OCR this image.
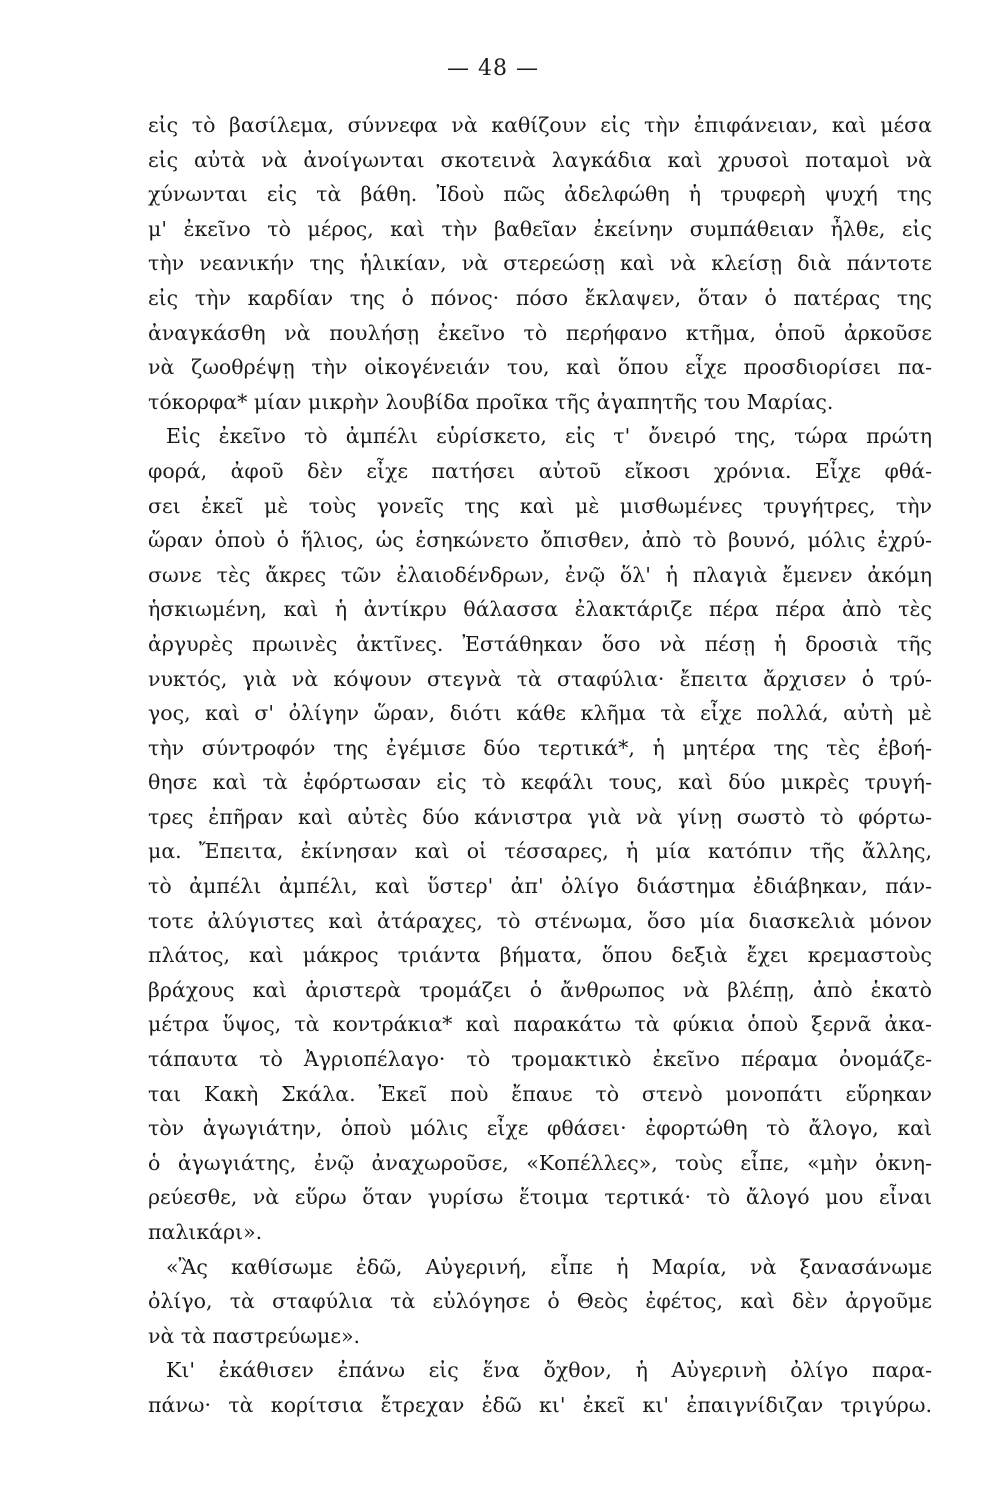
— 48 —
εἰς τὸ βασίλεμα, σύννεφα νὰ καθίζουν εἰς τὴν ἐπιφάνειαν, καὶ μέσα
εἰς αὐτὰ νὰ ἀνοίγωνται σκοτεινὰ λαγκάδια καὶ χρυσοὶ ποταμοὶ νὰ
χύνωνται εἰς τὰ βάθη. Ἰδοὺ πῶς ἀδελφώθη ἡ τρυφερὴ ψυχή της
μ' ἐκεῖνο τὸ μέρος, καὶ τὴν βαθεῖαν ἐκείνην συμπάθειαν ἦλθε, εἰς
τὴν νεανικήν της ἡλικίαν, νὰ στερεώσῃ καὶ νὰ κλείσῃ διὰ πάντοτε
εἰς τὴν καρδίαν της ὁ πόνος· πόσο ἔκλαψεν, ὅταν ὁ πατέρας της
ἀναγκάσθη νὰ πουλήσῃ ἐκεῖνο τὸ περήφανο κτῆμα, ὁποῦ ἀρκοῦσε
νὰ ζωοθρέψῃ τὴν οἰκογένειάν του, καὶ ὅπου εἶχε προσδιορίσει πα-
τόκορφα* μίαν μικρὴν λουβίδα προῖκα τῆς ἀγαπητῆς του Μαρίας.
Εἰς ἐκεῖνο τὸ ἀμπέλι εὑρίσκετο, εἰς τ' ὄνειρό της, τώρα πρώτη
φορά, ἀφοῦ δὲν εἶχε πατήσει αὐτοῦ εἴκοσι χρόνια. Εἶχε φθά-
σει ἐκεῖ μὲ τοὺς γονεῖς της καὶ μὲ μισθωμένες τρυγήτρες, τὴν
ὥραν ὁποὺ ὁ ἥλιος, ὡς ἐσηκώνετο ὄπισθεν, ἀπὸ τὸ βουνό, μόλις ἐχρύ-
σωνε τὲς ἄκρες τῶν ἐλαιοδένδρων, ἐνῷ ὅλ' ἡ πλαγιὰ ἔμενεν ἀκόμη
ἡσκιωμένη, καὶ ἡ ἀντίκρυ θάλασσα ἐλακτάριζε πέρα πέρα ἀπὸ τὲς
ἀργυρὲς πρωινὲς ἀκτῖνες. Ἐστάθηκαν ὅσο νὰ πέσῃ ἡ δροσιὰ τῆς
νυκτός, γιὰ νὰ κόψουν στεγνὰ τὰ σταφύλια· ἔπειτα ἄρχισεν ὁ τρύ-
γος, καὶ σ' ὀλίγην ὥραν, διότι κάθε κλῆμα τὰ εἶχε πολλά, αὐτὴ μὲ
τὴν σύντροφόν της ἐγέμισε δύο τερτικά*, ἡ μητέρα της τὲς ἐβοή-
θησε καὶ τὰ ἐφόρτωσαν εἰς τὸ κεφάλι τους, καὶ δύο μικρὲς τρυγή-
τρες ἐπῆραν καὶ αὐτὲς δύο κάνιστρα γιὰ νὰ γίνῃ σωστὸ τὸ φόρτω-
μα. Ἔπειτα, ἐκίνησαν καὶ οἱ τέσσαρες, ἡ μία κατόπιν τῆς ἄλλης,
τὸ ἀμπέλι ἀμπέλι, καὶ ὕστερ' ἀπ' ὀλίγο διάστημα ἐδιάβηκαν, πάν-
τοτε ἀλύγιστες καὶ ἀτάραχες, τὸ στένωμα, ὅσο μία διασκελιὰ μόνον
πλάτος, καὶ μάκρος τριάντα βήματα, ὅπου δεξιὰ ἔχει κρεμαστοὺς
βράχους καὶ ἀριστερὰ τρομάζει ὁ ἄνθρωπος νὰ βλέπῃ, ἀπὸ ἑκατὸ
μέτρα ὕψος, τὰ κοντράκια* καὶ παρακάτω τὰ φύκια ὁποὺ ξερνᾶ ἀκα-
τάπαυτα τὸ Ἀγριοπέλαγο· τὸ τρομακτικὸ ἐκεῖνο πέραμα ὀνομάζε-
ται Κακὴ Σκάλα. Ἐκεῖ ποὺ ἔπαυε τὸ στενὸ μονοπάτι εὕρηκαν
τὸν ἀγωγιάτην, ὁποὺ μόλις εἶχε φθάσει· ἐφορτώθη τὸ ἄλογο, καὶ
ὁ ἀγωγιάτης, ἐνῷ ἀναχωροῦσε, «Κοπέλλες», τοὺς εἶπε, «μὴν ὀκνη-
ρεύεσθε, νὰ εὕρω ὅταν γυρίσω ἕτοιμα τερτικά· τὸ ἄλογό μου εἶναι
παλικάρι».
«Ἂς καθίσωμε ἐδῶ, Αὐγερινή, εἶπε ἡ Μαρία, νὰ ξανασάνωμε
ὀλίγο, τὰ σταφύλια τὰ εὐλόγησε ὁ Θεὸς ἐφέτος, καὶ δὲν ἀργοῦμε
νὰ τὰ παστρεύωμε».
Κι' ἐκάθισεν ἐπάνω εἰς ἕνα ὄχθον, ἡ Αὐγερινὴ ὀλίγο παρα-
πάνω· τὰ κορίτσια ἔτρεχαν ἐδῶ κι' ἐκεῖ κι' ἐπαιγνίδιζαν τριγύρω.
